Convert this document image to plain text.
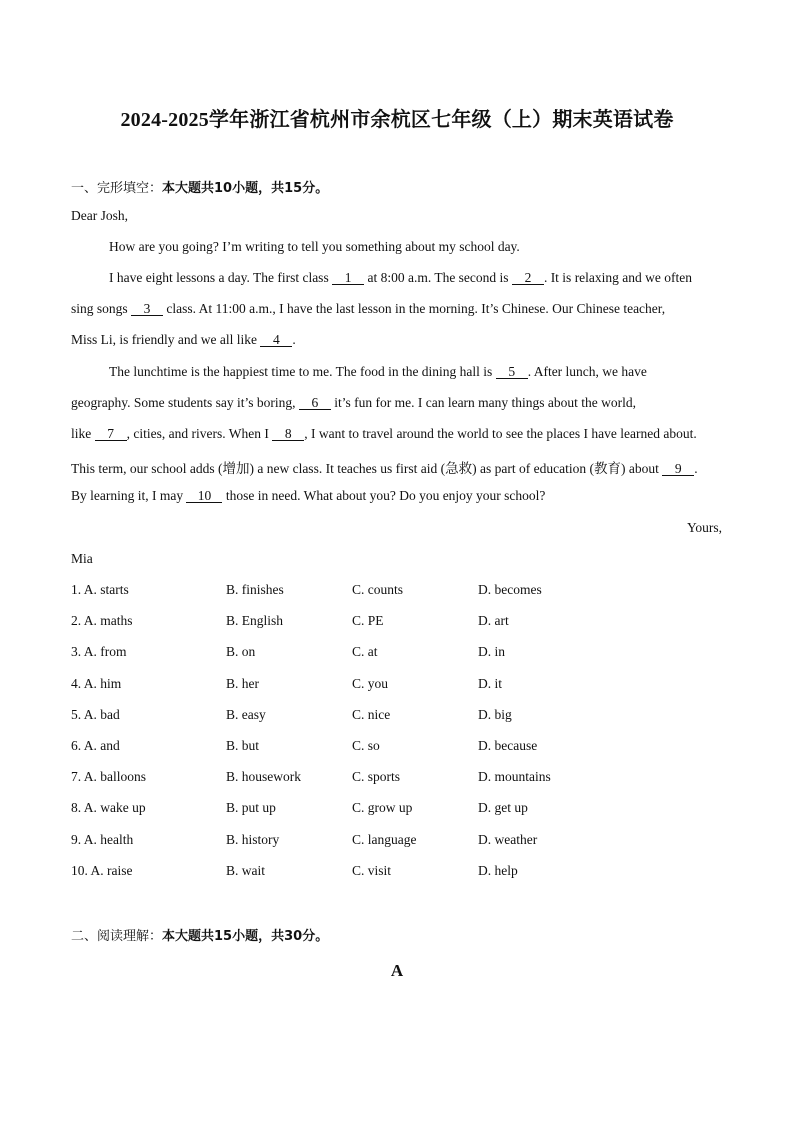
2024-2025学年浙江省杭州市余杭区七年级（上）期末英语试卷
一、完形填空：本大题共10小题，共15分。
Dear Josh,
How are you going? I’m writing to tell you something about my school day.
I have eight lessons a day. The first class 1 at 8:00 a.m. The second is 2 . It is relaxing and we often
sing songs 3 class. At 11:00 a.m., I have the last lesson in the morning. It’s Chinese. Our Chinese teacher,
Miss Li, is friendly and we all like 4 .
The lunchtime is the happiest time to me. The food in the dining hall is 5 . After lunch, we have
geography. Some students say it’s boring, 6 it’s fun for me. I can learn many things about the world,
like 7 , cities, and rivers. When I 8 , I want to travel around the world to see the places I have learned about.
This term, our school adds (增加) a new class. It teaches us first aid (急救) as part of education (教育) about 9 .
By learning it, I may 10 those in need. What about you? Do you enjoy your school?
Yours,
Mia
1. A. starts	B. finishes	C. counts	D. becomes
2. A. maths	B. English	C. PE	D. art
3. A. from	B. on	C. at	D. in
4. A. him	B. her	C. you	D. it
5. A. bad	B. easy	C. nice	D. big
6. A. and	B. but	C. so	D. because
7. A. balloons	B. housework	C. sports	D. mountains
8. A. wake up	B. put up	C. grow up	D. get up
9. A. health	B. history	C. language	D. weather
10. A. raise	B. wait	C. visit	D. help
二、阅读理解：本大题共15小题，共30分。
A
